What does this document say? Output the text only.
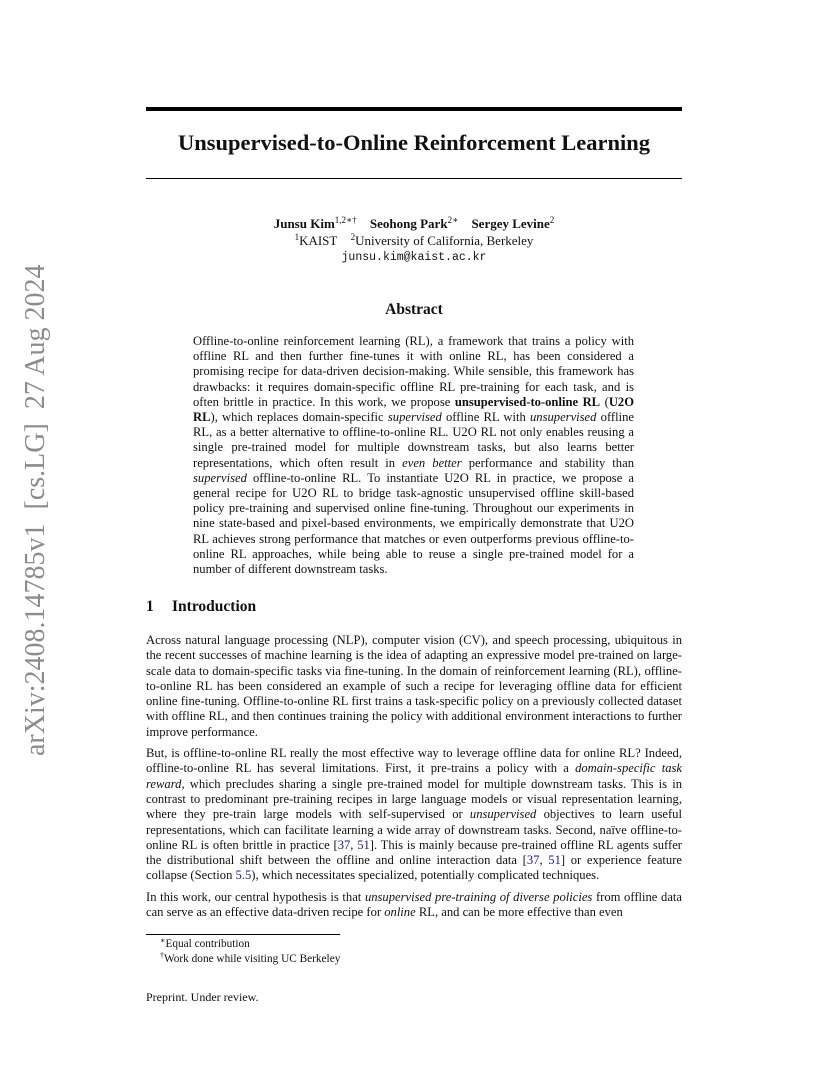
arXiv:2408.14785v1[cs.LG]27 Aug 2024
Unsupervised-to-Online Reinforcement Learning
Junsu Kim$^{1,2∗\dagger}$ Seohong Park$^{2∗}$ Sergey Levine$^2$
$^1$KAIST $^2$University of California, Berkeley
junsu.kim@kaist.ac.kr
Abstract

Offline-to-online reinforcement learning (RL), a framework that trains a policy with offline RL and then further fine-tunes it with online RL, has been considered a promising recipe for data-driven decision-making. While sensible, this framework has drawbacks: it requires domain-specific offline RL pre-training for each task, and is often brittle in practice. In this work, we propose unsupervised-to-online RL (U2O RL), which replaces domain-specific supervised offline RL with unsupervised offline RL, as a better alternative to offline-to-online RL. U2O RL not only enables reusing a single pre-trained model for multiple downstream tasks, but also learns better representations, which often result in even better performance and stability than supervised offline-to-online RL. To instantiate U2O RL in practice, we propose a general recipe for U2O RL to bridge task-agnostic unsupervised offline skill-based policy pre-training and supervised online fine-tuning. Throughout our experiments in nine state-based and pixel-based environments, we empirically demonstrate that U2O RL achieves strong performance that matches or even outperforms previous offline-to-online RL approaches, while being able to reuse a single pre-trained model for a number of different downstream tasks.

1 Introduction

Across natural language processing (NLP), computer vision (CV), and speech processing, ubiquitous in the recent successes of machine learning is the idea of adapting an expressive model pre-trained on large-scale data to domain-specific tasks via fine-tuning. In the domain of reinforcement learning (RL), offline-to-online RL has been considered an example of such a recipe for leveraging offline data for efficient online fine-tuning. Offline-to-online RL first trains a task-specific policy on a previously collected dataset with offline RL, and then continues training the policy with additional environment interactions to further improve performance.

But, is offline-to-online RL really the most effective way to leverage offline data for online RL? Indeed, offline-to-online RL has several limitations. First, it pre-trains a policy with a domain-specific task reward, which precludes sharing a single pre-trained model for multiple downstream tasks. This is in contrast to predominant pre-training recipes in large language models or visual representation learning, where they pre-train large models with self-supervised or unsupervised objectives to learn useful representations, which can facilitate learning a wide array of downstream tasks. Second, naïve offline-to-online RL is often brittle in practice [37, 51]. This is mainly because pre-trained offline RL agents suffer the distributional shift between the offline and online interaction data [37, 51] or experience feature collapse (Section 5.5), which necessitates specialized, potentially complicated techniques.

In this work, our central hypothesis is that unsupervised pre-training of diverse policies from offline data can serve as an effective data-driven recipe for online RL, and can be more effective than even

∗Equal contribution
†Work done while visiting UC Berkeley
Preprint. Under review.
